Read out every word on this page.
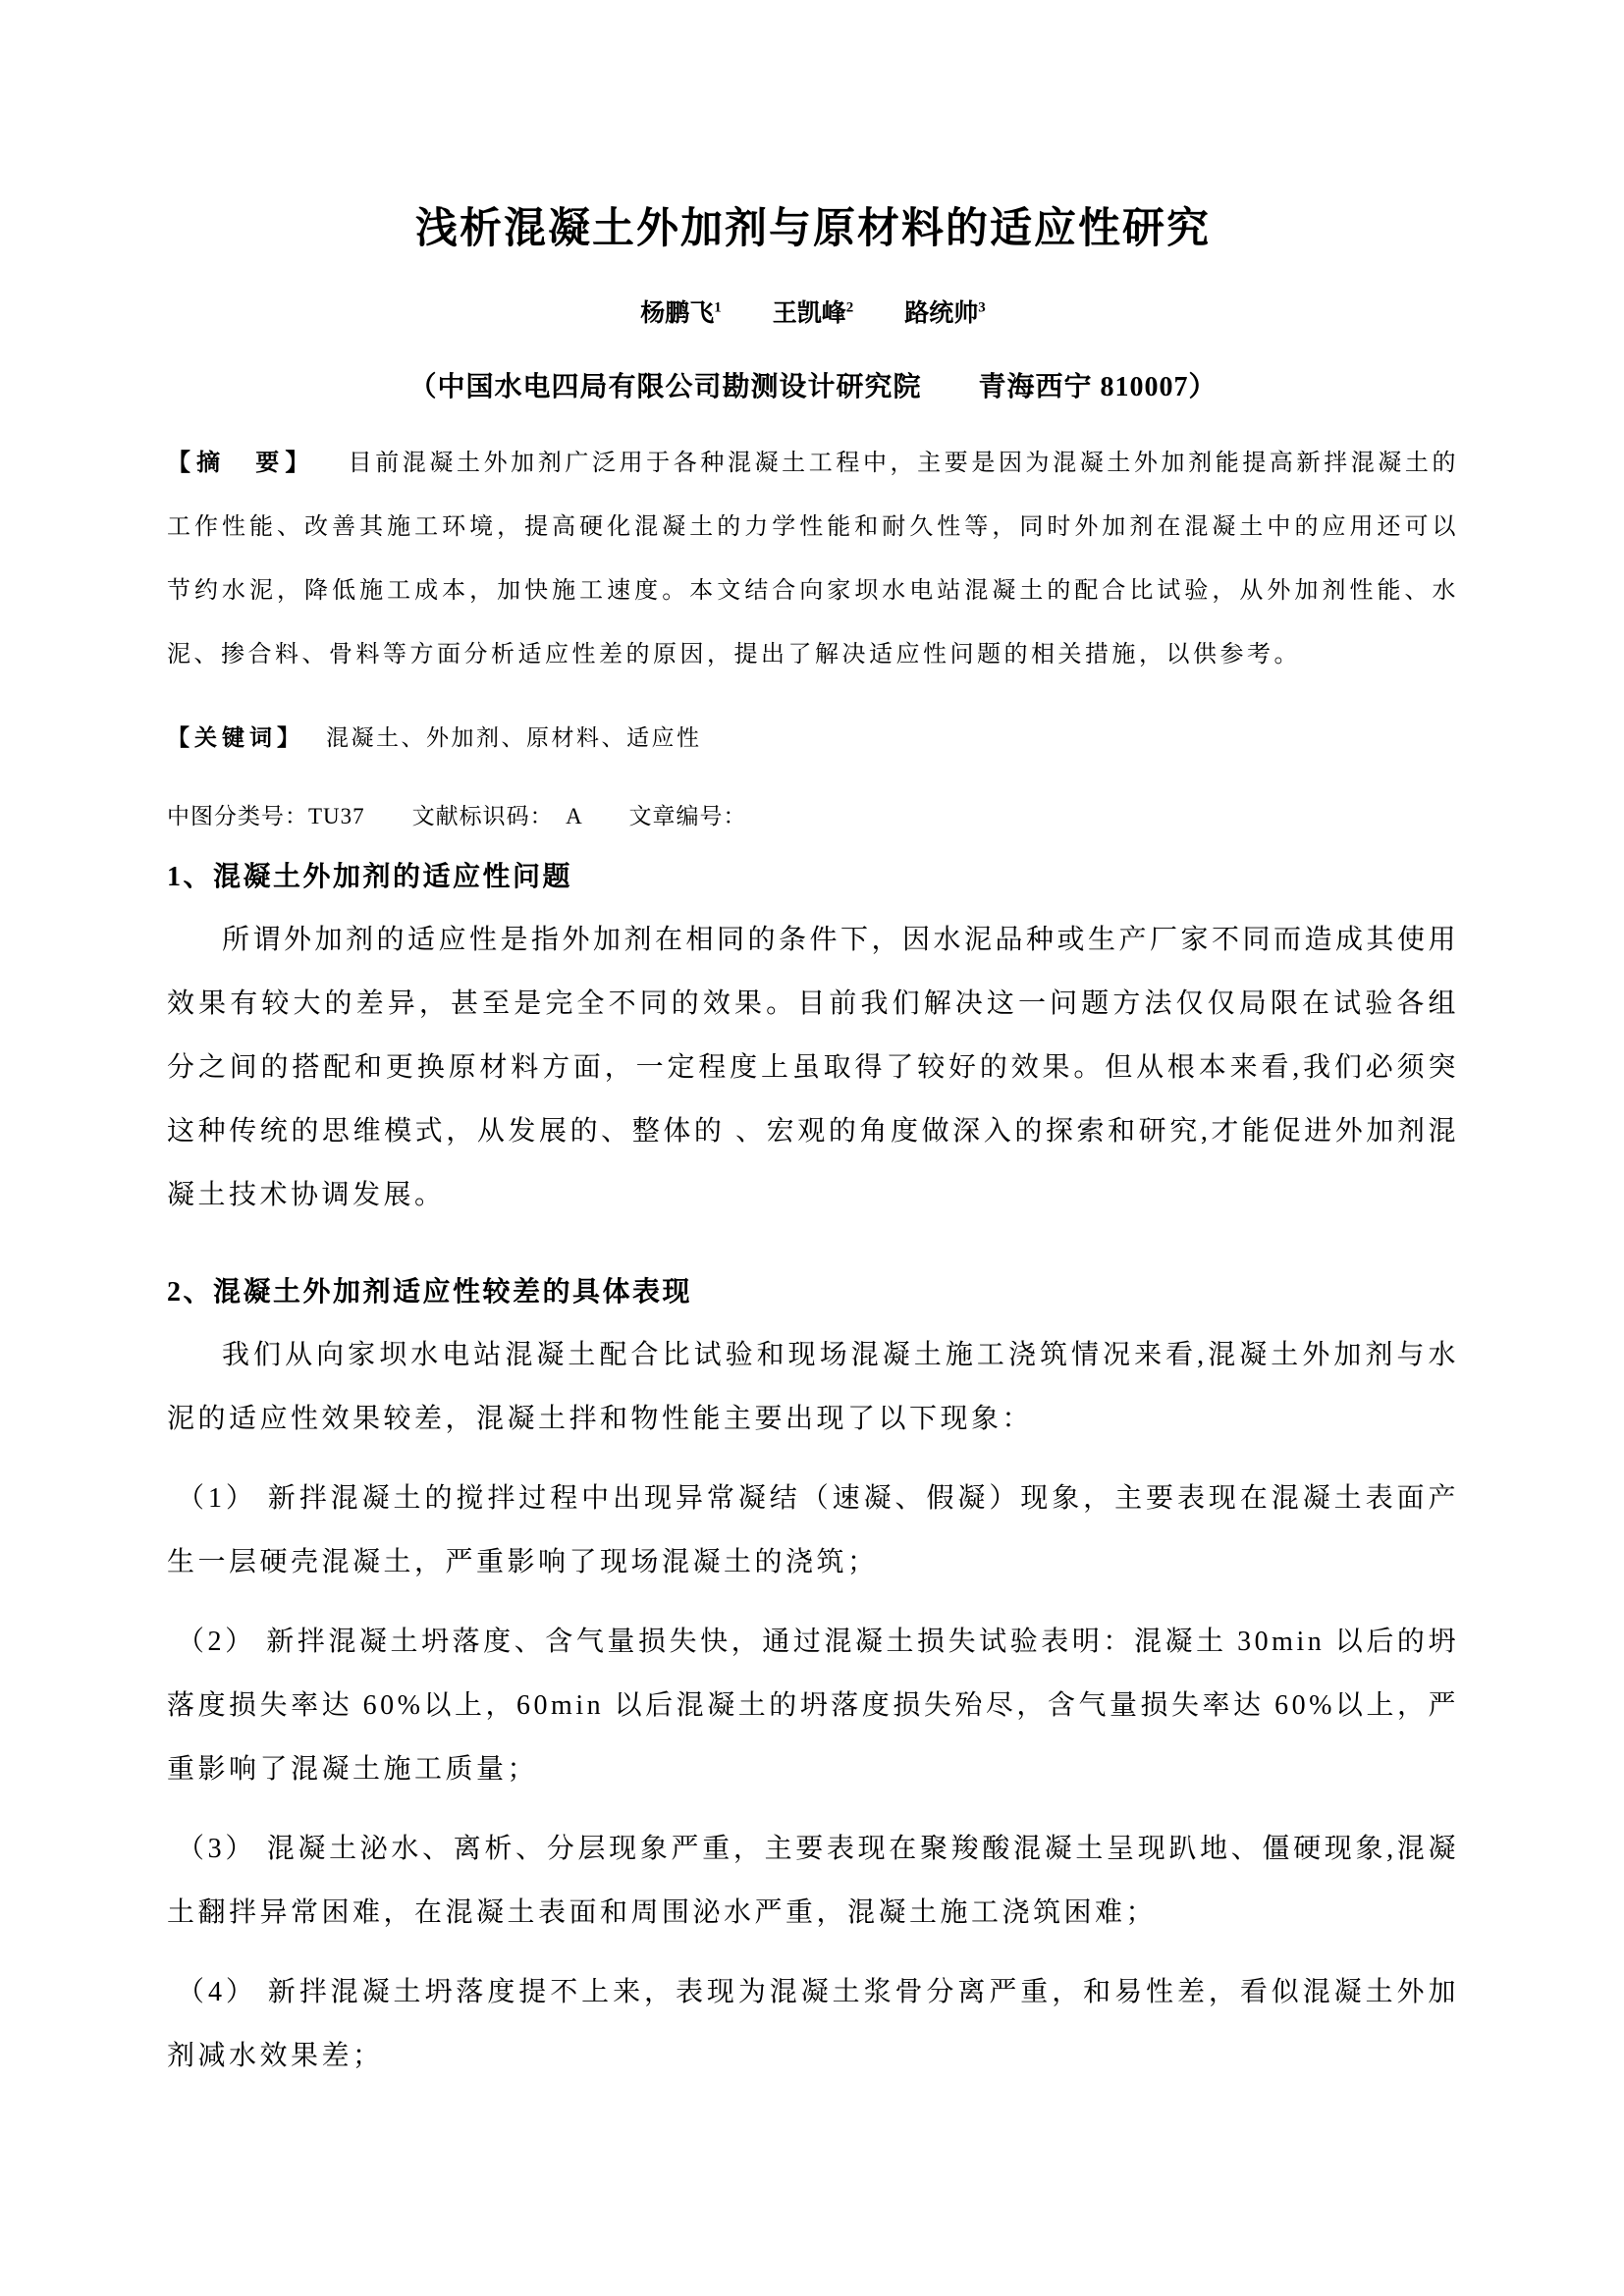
浅析混凝土外加剂与原材料的适应性研究
杨鹏飞$^1$ 王凯峰$^2$ 路统帅$^3$
（中国水电四局有限公司勘测设计研究院　　青海西宁 810007）

【摘　要】 目前混凝土外加剂广泛用于各种混凝土工程中，主要是因为混凝土外加剂能提高新拌混凝土的工作性能、改善其施工环境，提高硬化混凝土的力学性能和耐久性等，同时外加剂在混凝土中的应用还可以节约水泥，降低施工成本，加快施工速度。本文结合向家坝水电站混凝土的配合比试验，从外加剂性能、水泥、掺合料、骨料等方面分析适应性差的原因，提出了解决适应性问题的相关措施，以供参考。

【关键词】 混凝土、外加剂、原材料、适应性

中图分类号：TU37　　文献标识码：　A　　文章编号：

1、混凝土外加剂的适应性问题

所谓外加剂的适应性是指外加剂在相同的条件下，因水泥品种或生产厂家不同而造成其使用效果有较大的差异，甚至是完全不同的效果。目前我们解决这一问题方法仅仅局限在试验各组分之间的搭配和更换原材料方面，一定程度上虽取得了较好的效果。但从根本来看,我们必须突这种传统的思维模式，从发展的、整体的 、宏观的角度做深入的探索和研究,才能促进外加剂混凝土技术协调发展。

2、混凝土外加剂适应性较差的具体表现

我们从向家坝水电站混凝土配合比试验和现场混凝土施工浇筑情况来看,混凝土外加剂与水泥的适应性效果较差，混凝土拌和物性能主要出现了以下现象：

（1） 新拌混凝土的搅拌过程中出现异常凝结（速凝、假凝）现象，主要表现在混凝土表面产生一层硬壳混凝土，严重影响了现场混凝土的浇筑；

（2） 新拌混凝土坍落度、含气量损失快，通过混凝土损失试验表明：混凝土 30min 以后的坍落度损失率达 60%以上，60min 以后混凝土的坍落度损失殆尽，含气量损失率达 60%以上，严重影响了混凝土施工质量；

（3） 混凝土泌水、离析、分层现象严重，主要表现在聚羧酸混凝土呈现趴地、僵硬现象,混凝土翻拌异常困难，在混凝土表面和周围泌水严重，混凝土施工浇筑困难；

（4） 新拌混凝土坍落度提不上来，表现为混凝土浆骨分离严重，和易性差，看似混凝土外加剂减水效果差；
